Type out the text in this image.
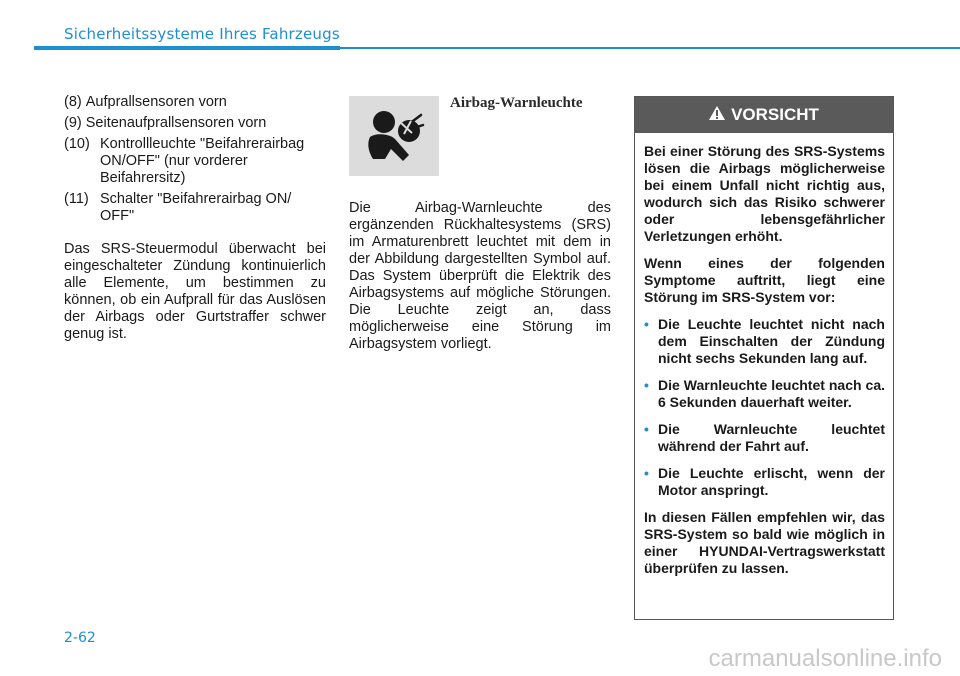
Sicherheitssysteme Ihres Fahrzeugs
(8) Aufprallsensoren vorn
(9) Seitenaufprallsensoren vorn
(10) Kontrollleuchte "Beifahrerairbag ON/OFF" (nur vorderer Beifahrersitz)
(11) Schalter "Beifahrerairbag ON/ OFF"
Das SRS-Steuermodul überwacht bei eingeschalteter Zündung kontinuierlich alle Elemente, um bestimmen zu können, ob ein Aufprall für das Auslösen der Airbags oder Gurtstraffer schwer genug ist.
Airbag-Warnleuchte
Die Airbag-Warnleuchte des ergänzenden Rückhaltesystems (SRS) im Armaturenbrett leuchtet mit dem in der Abbildung dargestellten Symbol auf. Das System überprüft die Elektrik des Airbagsystems auf mögliche Störungen. Die Leuchte zeigt an, dass möglicherweise eine Störung im Airbagsystem vorliegt.
VORSICHT

Bei einer Störung des SRS-Systems lösen die Airbags möglicherweise bei einem Unfall nicht richtig aus, wodurch sich das Risiko schwerer oder lebensgefährlicher Verletzungen erhöht.

Wenn eines der folgenden Symptome auftritt, liegt eine Störung im SRS-System vor:

• Die Leuchte leuchtet nicht nach dem Einschalten der Zündung nicht sechs Sekunden lang auf.
• Die Warnleuchte leuchtet nach ca. 6 Sekunden dauerhaft weiter.
• Die Warnleuchte leuchtet während der Fahrt auf.
• Die Leuchte erlischt, wenn der Motor anspringt.

In diesen Fällen empfehlen wir, das SRS-System so bald wie möglich in einer HYUNDAI-Vertragswerkstatt überprüfen zu lassen.

2-62
carmanualsonline.info
